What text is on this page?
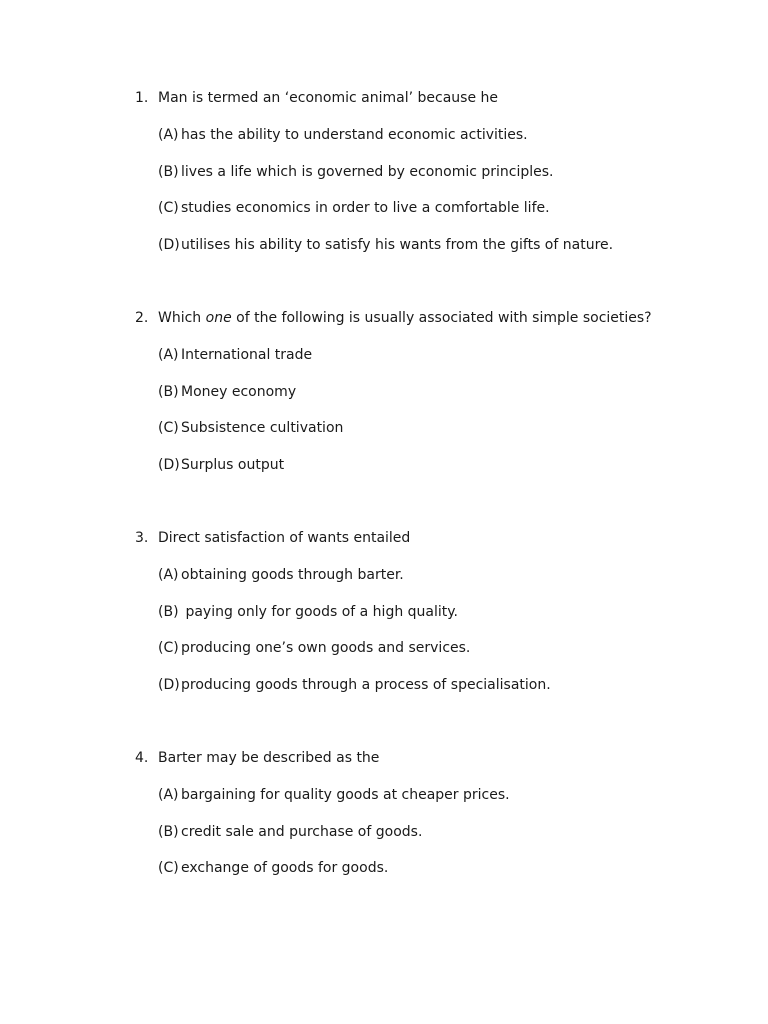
1. Man is termed an ‘economic animal’ because he
(A) has the ability to understand economic activities.
(B) lives a life which is governed by economic principles.
(C) studies economics in order to live a comfortable life.
(D)utilises his ability to satisfy his wants from the gifts of nature.
2. Which one of the following is usually associated with simple societies?
(A) International trade
(B) Money economy
(C) Subsistence cultivation
(D)Surplus output
3. Direct satisfaction of wants entailed
(A) obtaining goods through barter.
(B) paying only for goods of a high quality.
(C) producing one’s own goods and services.
(D)producing goods through a process of specialisation.
4. Barter may be described as the
(A) bargaining for quality goods at cheaper prices.
(B) credit sale and purchase of goods.
(C) exchange of goods for goods.
